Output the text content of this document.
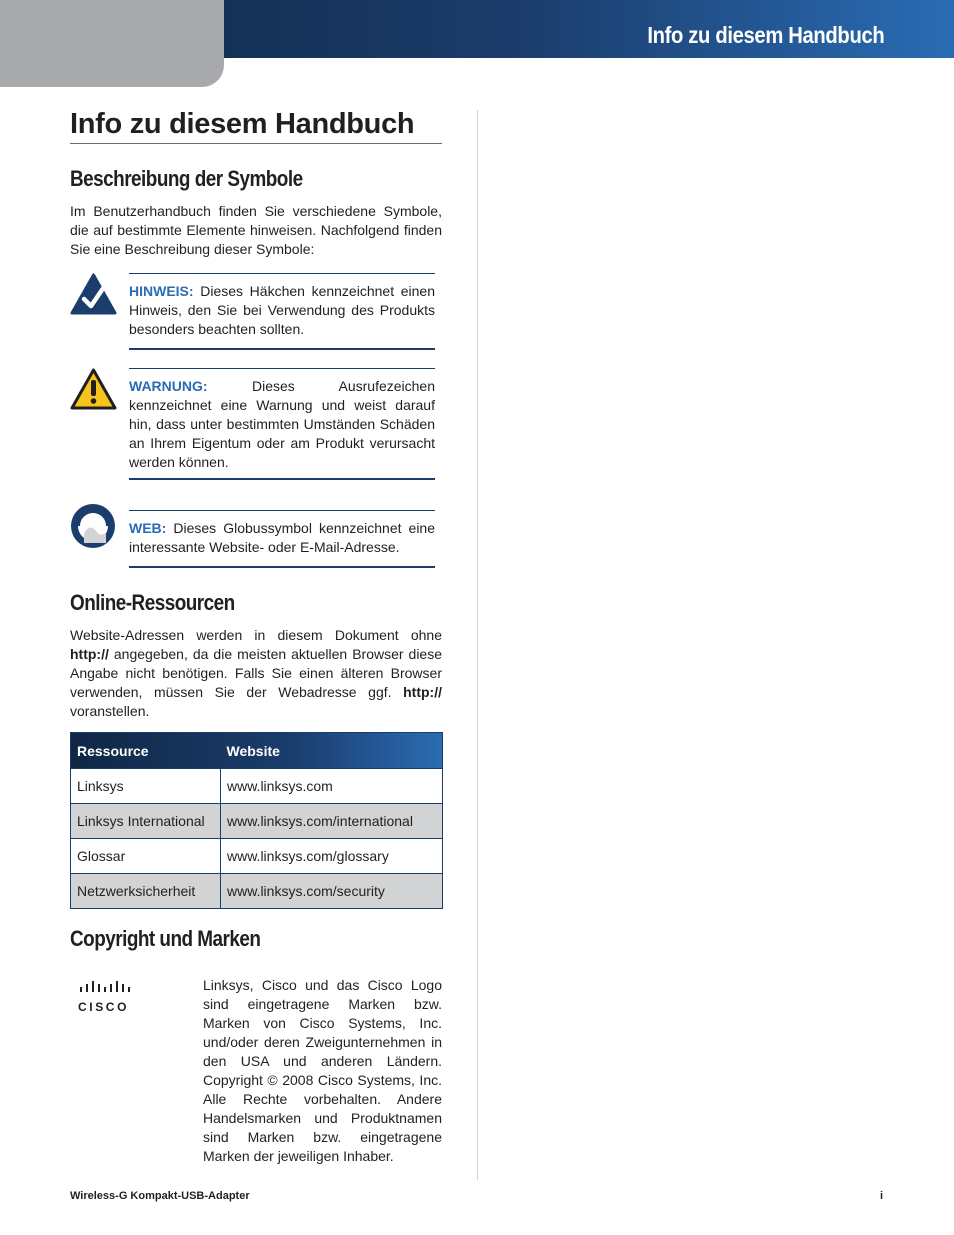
Info zu diesem Handbuch
Info zu diesem Handbuch
Beschreibung der Symbole

Im Benutzerhandbuch finden Sie verschiedene Symbole, die auf bestimmte Elemente hinweisen. Nachfolgend finden Sie eine Beschreibung dieser Symbole:

HINWEIS: Dieses Häkchen kennzeichnet einen Hinweis, den Sie bei Verwendung des Produkts besonders beachten sollten.
WARNUNG:	Dieses Ausrufezeichen kennzeichnet eine Warnung und weist darauf hin, dass unter bestimmten Umständen Schäden an Ihrem Eigentum oder am Produkt verursacht werden können.
WEB: Dieses Globussymbol kennzeichnet eine interessante Website- oder E-Mail-Adresse.
Online-Ressourcen

Website-Adressen werden in diesem Dokument ohne http:// angegeben, da die meisten aktuellen Browser diese Angabe nicht benötigen. Falls Sie einen älteren Browser verwenden, müssen Sie der Webadresse ggf. http:// voranstellen.

Ressource	Website
Linksys	www.linksys.com
Linksys International	www.linksys.com/international
Glossar	www.linksys.com/glossary
Netzwerksicherheit	www.linksys.com/security
Copyright und Marken
CISCO

Linksys, Cisco und das Cisco Logo sind eingetragene Marken bzw. Marken von Cisco Systems, Inc. und/oder deren Zweigunternehmen in den USA und anderen Ländern. Copyright © 2008 Cisco Systems, Inc. Alle Rechte vorbehalten. Andere Handelsmarken und Produktnamen sind Marken bzw. eingetragene Marken der jeweiligen Inhaber.

Wireless-G Kompakt-USB-Adapter	i
